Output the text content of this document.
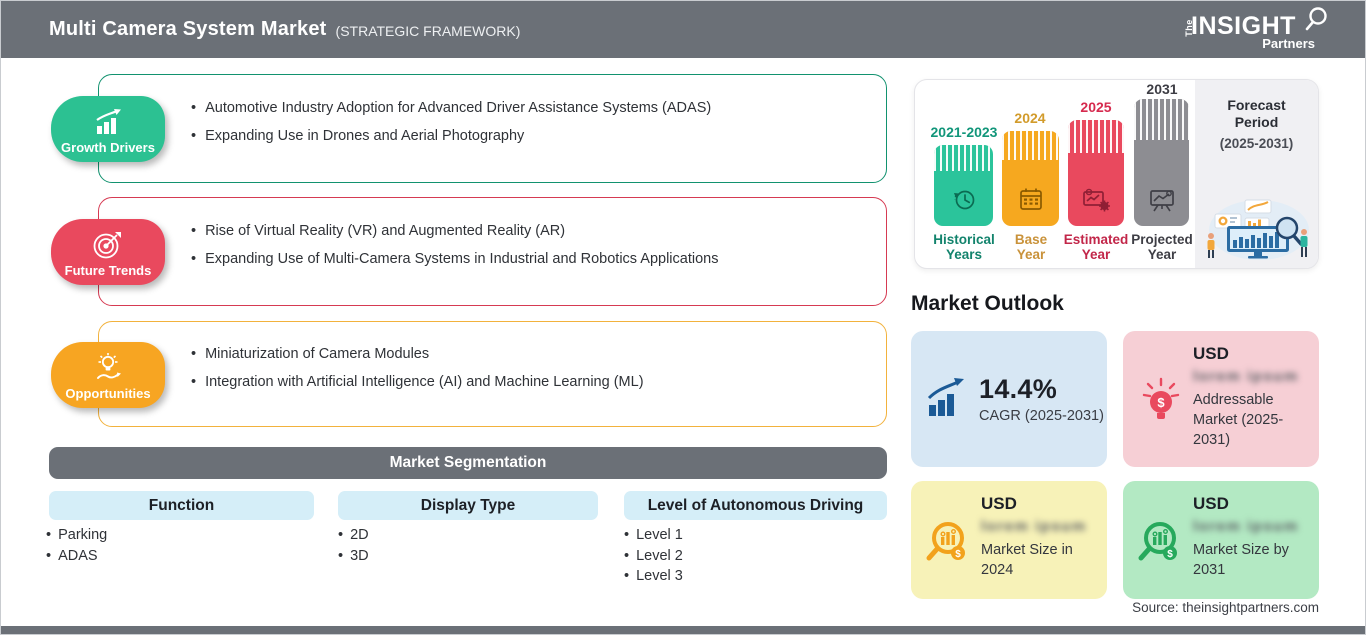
Multi Camera System Market (STRATEGIC FRAMEWORK)	The
INSIGHT
Partners
Growth Drivers
Future Trends
Opportunities
• Automotive Industry Adoption for Advanced Driver Assistance Systems (ADAS)
• Expanding Use in Drones and Aerial Photography
• Rise of Virtual Reality (VR) and Augmented Reality (AR)
• Expanding Use of Multi-Camera Systems in Industrial and Robotics Applications
• Miniaturization of Camera Modules
• Integration with Artificial Intelligence (AI) and Machine Learning (ML)
Market Segmentation
Function	Display Type	Level of Autonomous Driving
• Parking
• ADAS
• 2D
• 3D
• Level 1
• Level 2
• Level 3
2021-2023
2024
2025
2031
Historical
Years
Base
Year
Estimated
Year
Projected
Year
Forecast
Period
(2025-2031)
Market Outlook
14.4%
CAGR (2025-2031)
$
USD
lorem ipsum
Addressable Market (2025-2031)
$
USD
lorem ipsum
Market Size in 2024
$
USD
lorem ipsum
Market Size by 2031
Source: theinsightpartners.com
